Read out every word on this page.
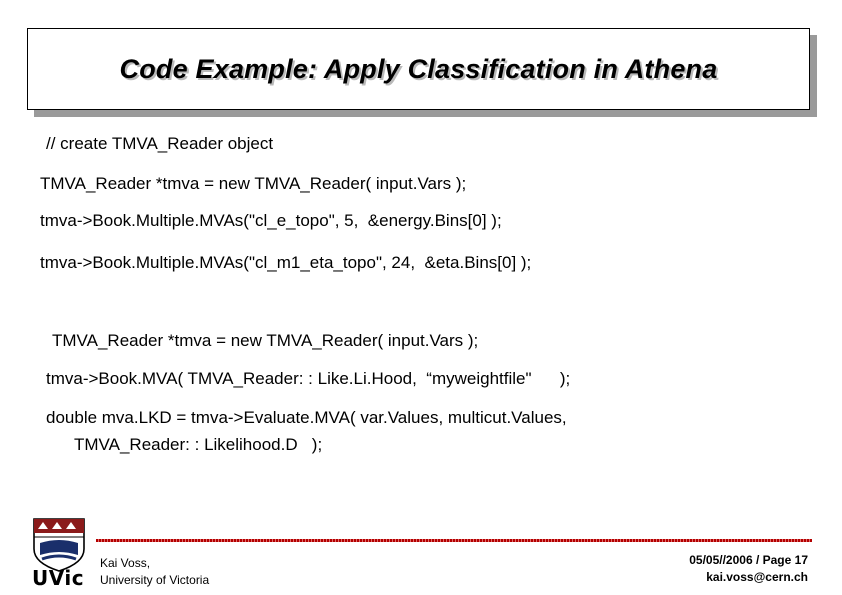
Code Example: Apply Classification in Athena
// create TMVA_Reader object
TMVA_Reader *tmva = new TMVA_Reader( input.Vars );
tmva->Book.Multiple.MVAs("cl_e_topo", 5,  &energy.Bins[0] );
tmva->Book.Multiple.MVAs("cl_m1_eta_topo", 24,  &eta.Bins[0] );
TMVA_Reader *tmva = new TMVA_Reader( input.Vars );
tmva->Book.MVA( TMVA_Reader: : Like.Li.Hood,  “myweightfile"      );
double mva.LKD = tmva->Evaluate.MVA( var.Values, multicut.Values,
TMVA_Reader: : Likelihood.D   );
UVic
Kai Voss,
University of Victoria
05/05//2006 / Page 17
kai.voss@cern.ch
